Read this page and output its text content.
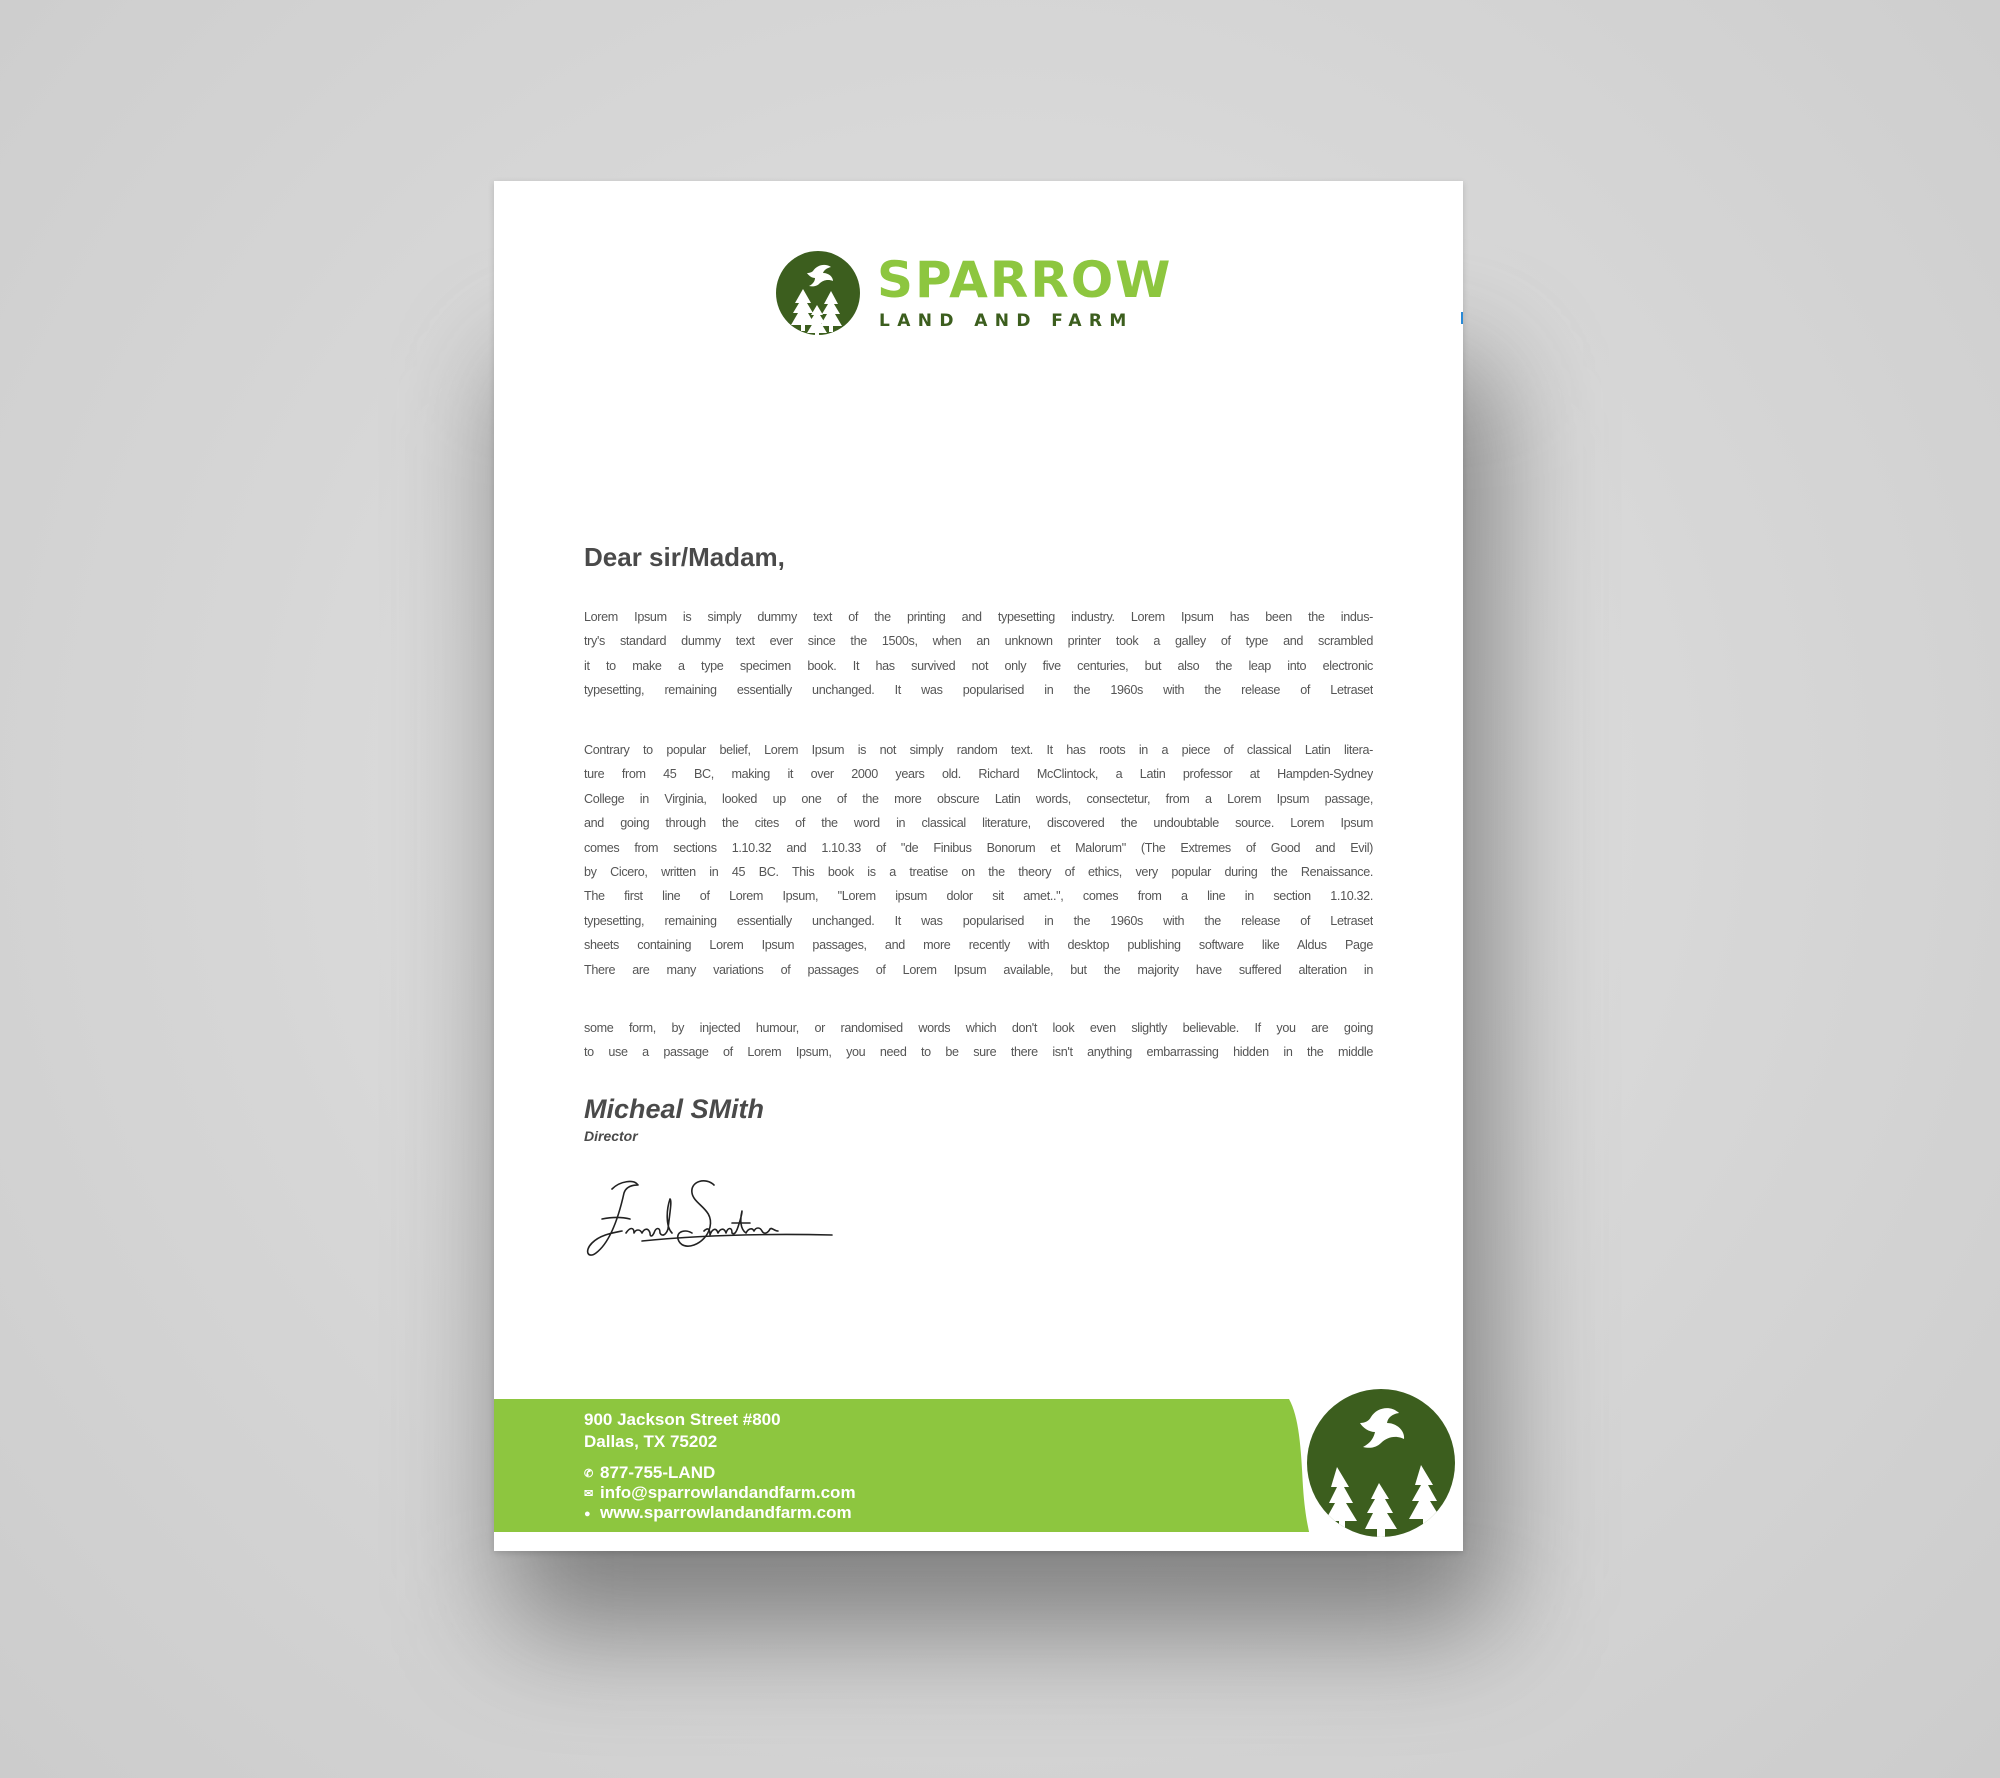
SPARROW
LAND AND FARM
Dear sir/Madam,

Lorem Ipsum is simply dummy text of the printing and typesetting industry. Lorem Ipsum has been the indus-
try's standard dummy text ever since the 1500s, when an unknown printer took a galley of type and scrambled
it to make a type specimen book. It has survived not only five centuries, but also the leap into electronic
typesetting, remaining essentially unchanged. It was popularised in the 1960s with the release of Letraset

Contrary to popular belief, Lorem Ipsum is not simply random text. It has roots in a piece of classical Latin litera-
ture from 45 BC, making it over 2000 years old. Richard McClintock, a Latin professor at Hampden-Sydney
College in Virginia, looked up one of the more obscure Latin words, consectetur, from a Lorem Ipsum passage,
and going through the cites of the word in classical literature, discovered the undoubtable source. Lorem Ipsum
comes from sections 1.10.32 and 1.10.33 of "de Finibus Bonorum et Malorum" (The Extremes of Good and Evil)
by Cicero, written in 45 BC. This book is a treatise on the theory of ethics, very popular during the Renaissance.
The first line of Lorem Ipsum, "Lorem ipsum dolor sit amet..", comes from a line in section 1.10.32.
typesetting, remaining essentially unchanged. It was popularised in the 1960s with the release of Letraset
sheets containing Lorem Ipsum passages, and more recently with desktop publishing software like Aldus Page
There are many variations of passages of Lorem Ipsum available, but the majority have suffered alteration in

some form, by injected humour, or randomised words which don't look even slightly believable. If you are going
to use a passage of Lorem Ipsum, you need to be sure there isn't anything embarrassing hidden in the middle

Micheal SMith
Director
900 Jackson Street #800
Dallas, TX 75202
✆ 877-755-LAND
✉ info@sparrowlandandfarm.com
● www.sparrowlandandfarm.com
